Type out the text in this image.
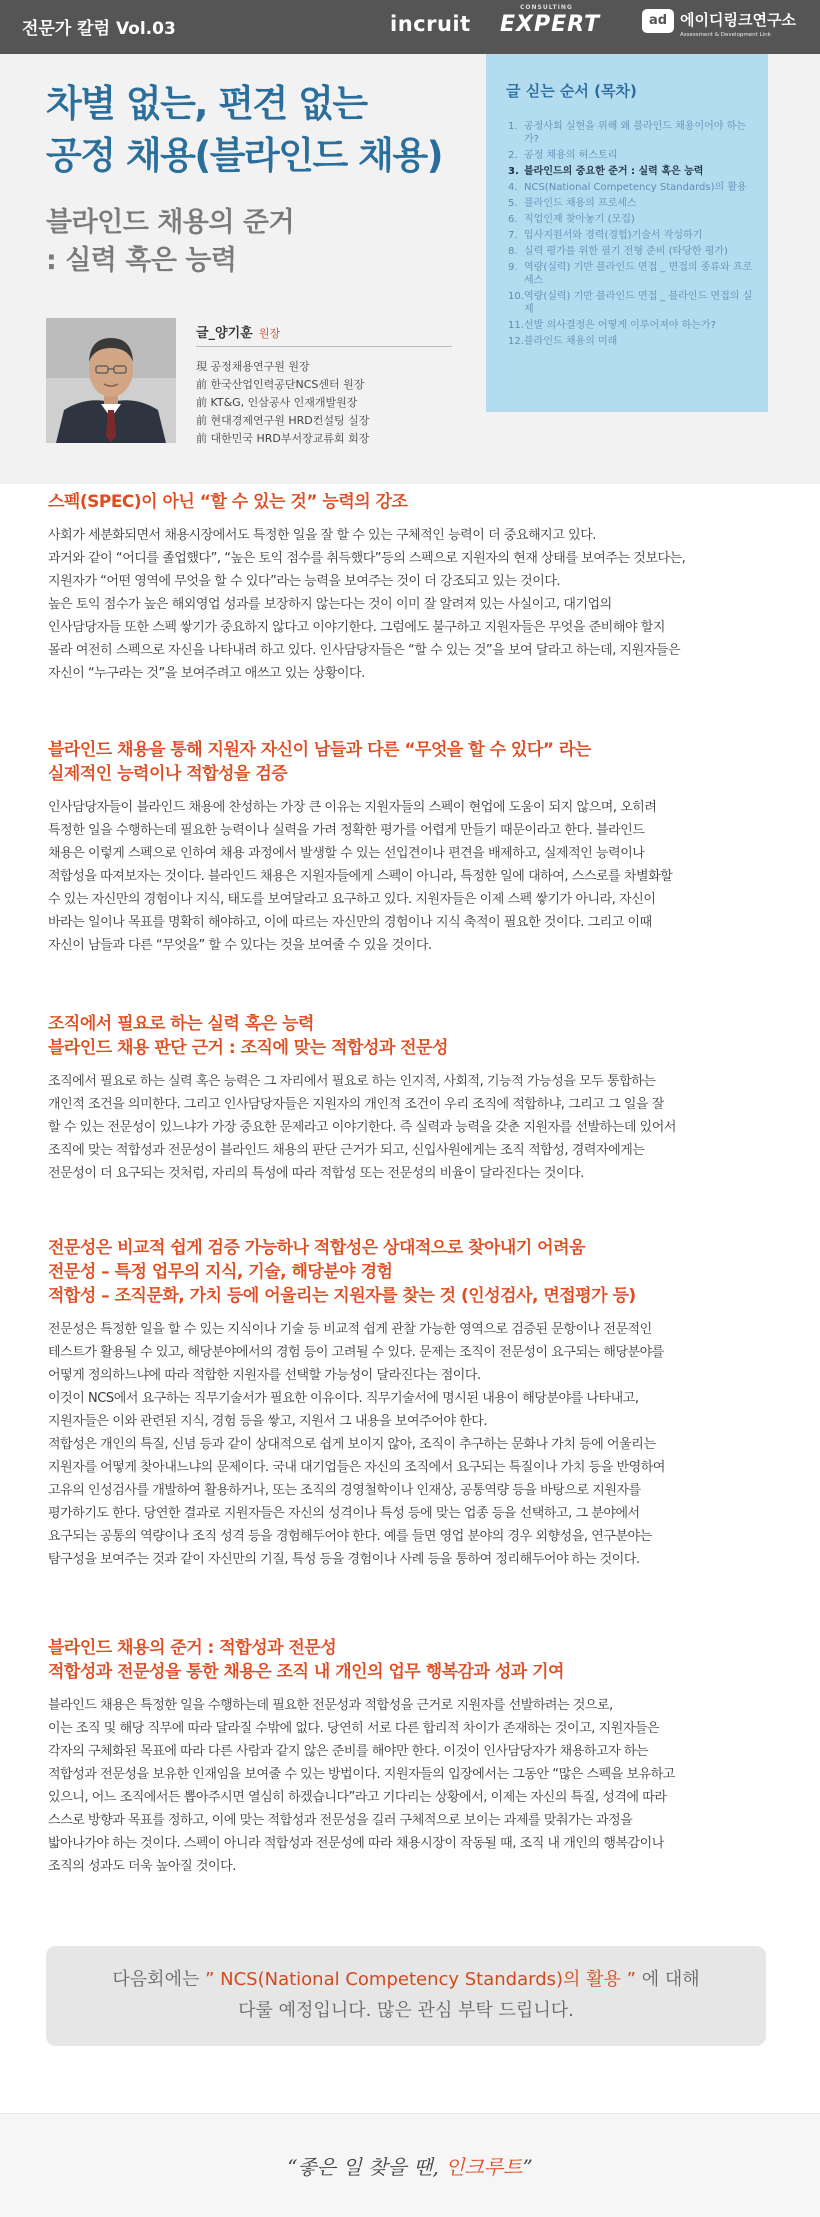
전문가 칼럼 Vol.03	incruit
CONSULTING
EXPERT	ad 에이디링크연구소
Assessment & Development Link
차별 없는, 편견 없는
공정 채용(블라인드 채용)
블라인드 채용의 준거
: 실력 혹은 능력
글_양기훈 원장
現 공정채용연구원 원장
前 한국산업인력공단NCS센터 원장
前 KT&G, 인삼공사 인재개발원장
前 현대경제연구원 HRD컨설팅 실장
前 대한민국 HRD부서장교류회 회장
글 싣는 순서 (목차)
1. 공정사회 실현을 위해 왜 블라인드 채용이어야 하는가?
2. 공정 채용의 허스토리
3. 블라인드의 중요한 준거 : 실력 혹은 능력
4. NCS(National Competency Standards)의 활용
5. 블라인드 채용의 프로세스
6. 직업인재 찾아놓기 (모집)
7. 입사지원서와 경력(경험)기술서 작성하기
8. 실력 평가를 위한 필기 전형 준비 (타당한 평가)
9. 역량(실력) 기반 블라인드 면접 _ 면접의 종류와 프로세스
10. 역량(실력) 기반 블라인드 면접 _ 블라인드 면접의 실제
11. 선발 의사결정은 어떻게 이루어져야 하는가?
12. 블라인드 채용의 미래
스펙(SPEC)이 아닌 “할 수 있는 것” 능력의 강조
사회가 세분화되면서 채용시장에서도 특정한 일을 잘 할 수 있는 구체적인 능력이 더 중요해지고 있다.
과거와 같이 “어디를 졸업했다”, “높은 토익 점수를 취득했다”등의 스펙으로 지원자의 현재 상태를 보여주는 것보다는,
지원자가 “어떤 영역에 무엇을 할 수 있다”라는 능력을 보여주는 것이 더 강조되고 있는 것이다.
높은 토익 점수가 높은 해외영업 성과를 보장하지 않는다는 것이 이미 잘 알려져 있는 사실이고, 대기업의
인사담당자들 또한 스펙 쌓기가 중요하지 않다고 이야기한다. 그럼에도 불구하고 지원자들은 무엇을 준비해야 할지
몰라 여전히 스펙으로 자신을 나타내려 하고 있다. 인사담당자들은 “할 수 있는 것”을 보여 달라고 하는데, 지원자들은
자신이 “누구라는 것”을 보여주려고 애쓰고 있는 상황이다.
블라인드 채용을 통해 지원자 자신이 남들과 다른 “무엇을 할 수 있다” 라는
실제적인 능력이나 적합성을 검증
인사담당자들이 블라인드 채용에 찬성하는 가장 큰 이유는 지원자들의 스펙이 현업에 도움이 되지 않으며, 오히려
특정한 일을 수행하는데 필요한 능력이나 실력을 가려 정확한 평가를 어렵게 만들기 때문이라고 한다. 블라인드
채용은 이렇게 스펙으로 인하여 채용 과정에서 발생할 수 있는 선입견이나 편견을 배제하고, 실제적인 능력이나
적합성을 따져보자는 것이다. 블라인드 채용은 지원자들에게 스펙이 아니라, 특정한 일에 대하여, 스스로를 차별화할
수 있는 자신만의 경험이나 지식, 태도를 보여달라고 요구하고 있다. 지원자들은 이제 스펙 쌓기가 아니라, 자신이
바라는 일이나 목표를 명확히 해야하고, 이에 따르는 자신만의 경험이나 지식 축적이 필요한 것이다. 그리고 이때
자신이 남들과 다른 “무엇을” 할 수 있다는 것을 보여줄 수 있을 것이다.
조직에서 필요로 하는 실력 혹은 능력
블라인드 채용 판단 근거 : 조직에 맞는 적합성과 전문성
조직에서 필요로 하는 실력 혹은 능력은 그 자리에서 필요로 하는 인지적, 사회적, 기능적 가능성을 모두 통합하는
개인적 조건을 의미한다. 그리고 인사담당자들은 지원자의 개인적 조건이 우리 조직에 적합하냐, 그리고 그 일을 잘
할 수 있는 전문성이 있느냐가 가장 중요한 문제라고 이야기한다. 즉 실력과 능력을 갖춘 지원자를 선발하는데 있어서
조직에 맞는 적합성과 전문성이 블라인드 채용의 판단 근거가 되고, 신입사원에게는 조직 적합성, 경력자에게는
전문성이 더 요구되는 것처럼, 자리의 특성에 따라 적합성 또는 전문성의 비율이 달라진다는 것이다.
전문성은 비교적 쉽게 검증 가능하나 적합성은 상대적으로 찾아내기 어려움
전문성 – 특정 업무의 지식, 기술, 해당분야 경험
적합성 – 조직문화, 가치 등에 어울리는 지원자를 찾는 것 (인성검사, 면접평가 등)
전문성은 특정한 일을 할 수 있는 지식이나 기술 등 비교적 쉽게 관찰 가능한 영역으로 검증된 문항이나 전문적인
테스트가 활용될 수 있고, 해당분야에서의 경험 등이 고려될 수 있다. 문제는 조직이 전문성이 요구되는 해당분야를
어떻게 정의하느냐에 따라 적합한 지원자를 선택할 가능성이 달라진다는 점이다.
이것이 NCS에서 요구하는 직무기술서가 필요한 이유이다. 직무기술서에 명시된 내용이 해당분야를 나타내고,
지원자들은 이와 관련된 지식, 경험 등을 쌓고, 지원서 그 내용을 보여주어야 한다.
적합성은 개인의 특질, 신념 등과 같이 상대적으로 쉽게 보이지 않아, 조직이 추구하는 문화나 가치 등에 어울리는
지원자를 어떻게 찾아내느냐의 문제이다. 국내 대기업들은 자신의 조직에서 요구되는 특질이나 가치 등을 반영하여
고유의 인성검사를 개발하여 활용하거나, 또는 조직의 경영철학이나 인재상, 공통역량 등을 바탕으로 지원자를
평가하기도 한다. 당연한 결과로 지원자들은 자신의 성격이나 특성 등에 맞는 업종 등을 선택하고, 그 분야에서
요구되는 공통의 역량이나 조직 성격 등을 경험해두어야 한다. 예를 들면 영업 분야의 경우 외향성을, 연구분야는
탐구성을 보여주는 것과 같이 자신만의 기질, 특성 등을 경험이나 사례 등을 통하여 정리해두어야 하는 것이다.
블라인드 채용의 준거 : 적합성과 전문성
적합성과 전문성을 통한 채용은 조직 내 개인의 업무 행복감과 성과 기여
블라인드 채용은 특정한 일을 수행하는데 필요한 전문성과 적합성을 근거로 지원자를 선발하려는 것으로,
이는 조직 및 해당 직무에 따라 달라질 수밖에 없다. 당연히 서로 다른 합리적 차이가 존재하는 것이고, 지원자들은
각자의 구체화된 목표에 따라 다른 사람과 같지 않은 준비를 해야만 한다. 이것이 인사담당자가 채용하고자 하는
적합성과 전문성을 보유한 인재임을 보여줄 수 있는 방법이다. 지원자들의 입장에서는 그동안 “많은 스펙을 보유하고
있으니, 어느 조직에서든 뽑아주시면 열심히 하겠습니다”라고 기다리는 상황에서, 이제는 자신의 특질, 성격에 따라
스스로 방향과 목표를 정하고, 이에 맞는 적합성과 전문성을 길러 구체적으로 보이는 과제를 맞춰가는 과정을
밟아나가야 하는 것이다. 스펙이 아니라 적합성과 전문성에 따라 채용시장이 작동될 때, 조직 내 개인의 행복감이나
조직의 성과도 더욱 높아질 것이다.
다음회에는 ” NCS(National Competency Standards)의 활용 ” 에 대해
다룰 예정입니다. 많은 관심 부탁 드립니다.
“좋은 일 찾을 땐, 인크루트”
